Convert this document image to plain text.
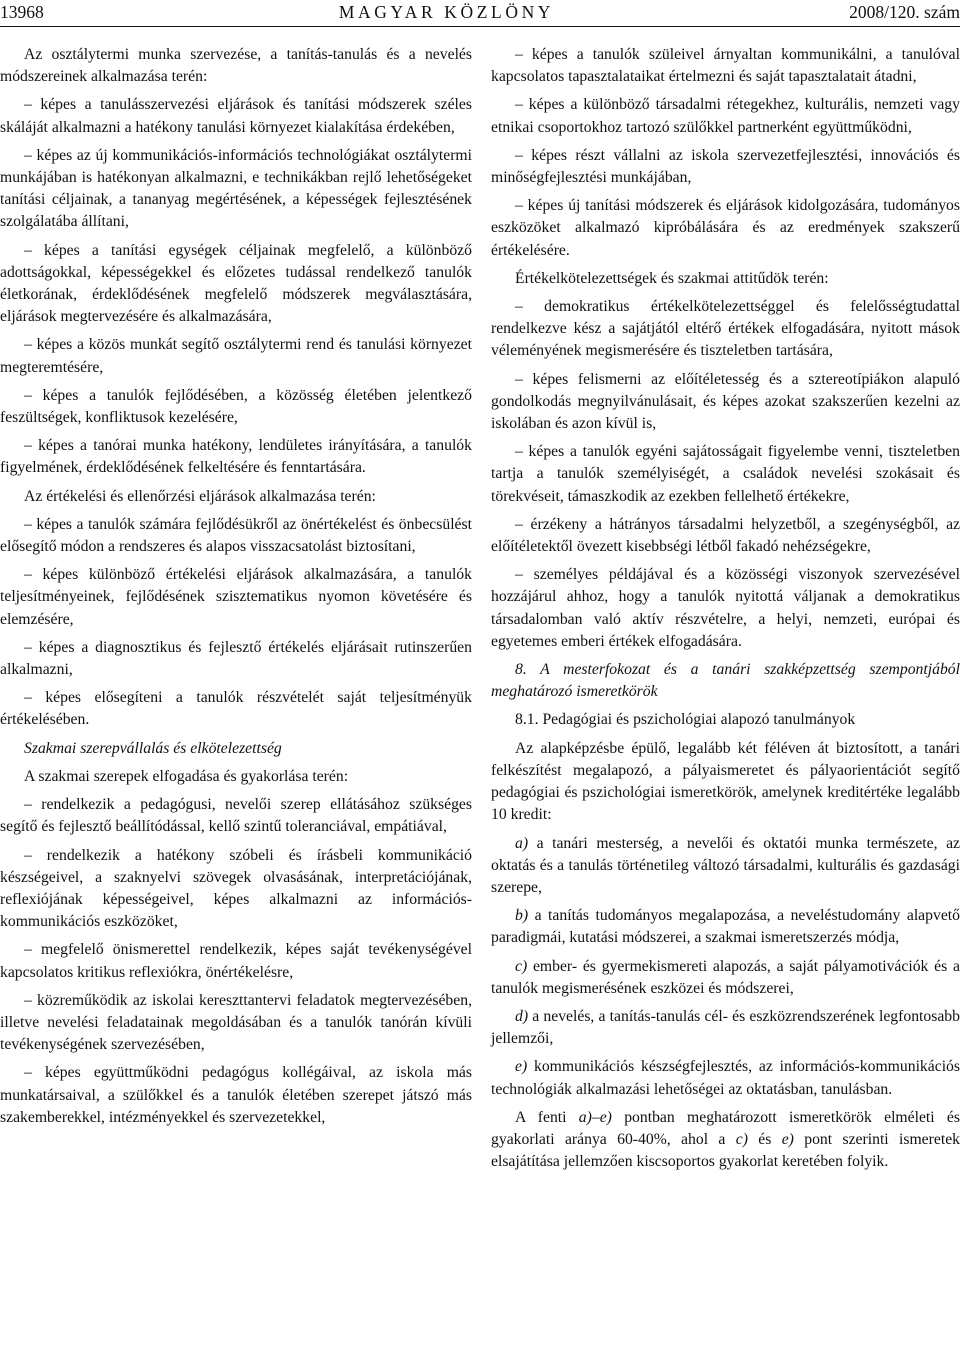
13968	MAGYAR KÖZLÖNY	2008/120. szám

Az osztálytermi munka szervezése, a tanítás-tanulás és a nevelés módszereinek alkalmazása terén:

– képes a tanulásszervezési eljárások és tanítási módszerek széles skáláját alkalmazni a hatékony tanulási környezet kialakítása érdekében,

– képes az új kommunikációs-információs technológiákat osztálytermi munkájában is hatékonyan alkalmazni, e technikákban rejlő lehetőségeket tanítási céljainak, a tananyag megértésének, a képességek fejlesztésének szolgálatába állítani,

– képes a tanítási egységek céljainak megfelelő, a különböző adottságokkal, képességekkel és előzetes tudással rendelkező tanulók életkorának, érdeklődésének megfelelő módszerek megválasztására, eljárások megtervezésére és alkalmazására,

– képes a közös munkát segítő osztálytermi rend és tanulási környezet megteremtésére,

– képes a tanulók fejlődésében, a közösség életében jelentkező feszültségek, konfliktusok kezelésére,

– képes a tanórai munka hatékony, lendületes irányítására, a tanulók figyelmének, érdeklődésének felkeltésére és fenntartására.

Az értékelési és ellenőrzési eljárások alkalmazása terén:

– képes a tanulók számára fejlődésükről az önértékelést és önbecsülést elősegítő módon a rendszeres és alapos visszacsatolást biztosítani,

– képes különböző értékelési eljárások alkalmazására, a tanulók teljesítményeinek, fejlődésének szisztematikus nyomon követésére és elemzésére,

– képes a diagnosztikus és fejlesztő értékelés eljárásait rutinszerűen alkalmazni,

– képes elősegíteni a tanulók részvételét saját teljesítményük értékelésében.

Szakmai szerepvállalás és elkötelezettség

A szakmai szerepek elfogadása és gyakorlása terén:

– rendelkezik a pedagógusi, nevelői szerep ellátásához szükséges segítő és fejlesztő beállítódással, kellő szintű toleranciával, empátiával,

– rendelkezik a hatékony szóbeli és írásbeli kommunikáció készségeivel, a szaknyelvi szövegek olvasásának, interpretációjának, reflexiójának képességeivel, képes alkalmazni az információs-kommunikációs eszközöket,

– megfelelő önismerettel rendelkezik, képes saját tevékenységével kapcsolatos kritikus reflexiókra, önértékelésre,

– közreműködik az iskolai kereszttantervi feladatok megtervezésében, illetve nevelési feladatainak megoldásában és a tanulók tanórán kívüli tevékenységének szervezésében,

– képes együttműködni pedagógus kollégáival, az iskola más munkatársaival, a szülőkkel és a tanulók életében szerepet játszó más szakemberekkel, intézményekkel és szervezetekkel,

– képes a tanulók szüleivel árnyaltan kommunikálni, a tanulóval kapcsolatos tapasztalataikat értelmezni és saját tapasztalatait átadni,

– képes a különböző társadalmi rétegekhez, kulturális, nemzeti vagy etnikai csoportokhoz tartozó szülőkkel partnerként együttműködni,

– képes részt vállalni az iskola szervezetfejlesztési, innovációs és minőségfejlesztési munkájában,

– képes új tanítási módszerek és eljárások kidolgozására, tudományos eszközöket alkalmazó kipróbálására és az eredmények szakszerű értékelésére.

Értékelkötelezettségek és szakmai attitűdök terén:

– demokratikus értékelkötelezettséggel és felelősségtudattal rendelkezve kész a sajátjától eltérő értékek elfogadására, nyitott mások véleményének megismerésére és tiszteletben tartására,

– képes felismerni az előítéletesség és a sztereotípiákon alapuló gondolkodás megnyilvánulásait, és képes azokat szakszerűen kezelni az iskolában és azon kívül is,

– képes a tanulók egyéni sajátosságait figyelembe venni, tiszteletben tartja a tanulók személyiségét, a családok nevelési szokásait és törekvéseit, támaszkodik az ezekben fellelhető értékekre,

– érzékeny a hátrányos társadalmi helyzetből, a szegénységből, az előítéletektől övezett kisebbségi létből fakadó nehézségekre,

– személyes példájával és a közösségi viszonyok szervezésével hozzájárul ahhoz, hogy a tanulók nyitottá váljanak a demokratikus társadalomban való aktív részvételre, a helyi, nemzeti, európai és egyetemes emberi értékek elfogadására.

8. A mesterfokozat és a tanári szakképzettség szempontjából meghatározó ismeretkörök

8.1. Pedagógiai és pszichológiai alapozó tanulmányok

Az alapképzésbe épülő, legalább két féléven át biztosított, a tanári felkészítést megalapozó, a pályaismeretet és pályaorientációt segítő pedagógiai és pszichológiai ismeretkörök, amelynek kreditértéke legalább 10 kredit:

a) a tanári mesterség, a nevelői és oktatói munka természete, az oktatás és a tanulás történetileg változó társadalmi, kulturális és gazdasági szerepe,

b) a tanítás tudományos megalapozása, a neveléstudomány alapvető paradigmái, kutatási módszerei, a szakmai ismeretszerzés módja,

c) ember- és gyermekismereti alapozás, a saját pályamotivációk és a tanulók megismerésének eszközei és módszerei,

d) a nevelés, a tanítás-tanulás cél- és eszközrendszerének legfontosabb jellemzői,

e) kommunikációs készségfejlesztés, az információs-kommunikációs technológiák alkalmazási lehetőségei az oktatásban, tanulásban.

A fenti a)–e) pontban meghatározott ismeretkörök elméleti és gyakorlati aránya 60-40%, ahol a c) és e) pont szerinti ismeretek elsajátítása jellemzően kiscsoportos gyakorlat keretében folyik.
